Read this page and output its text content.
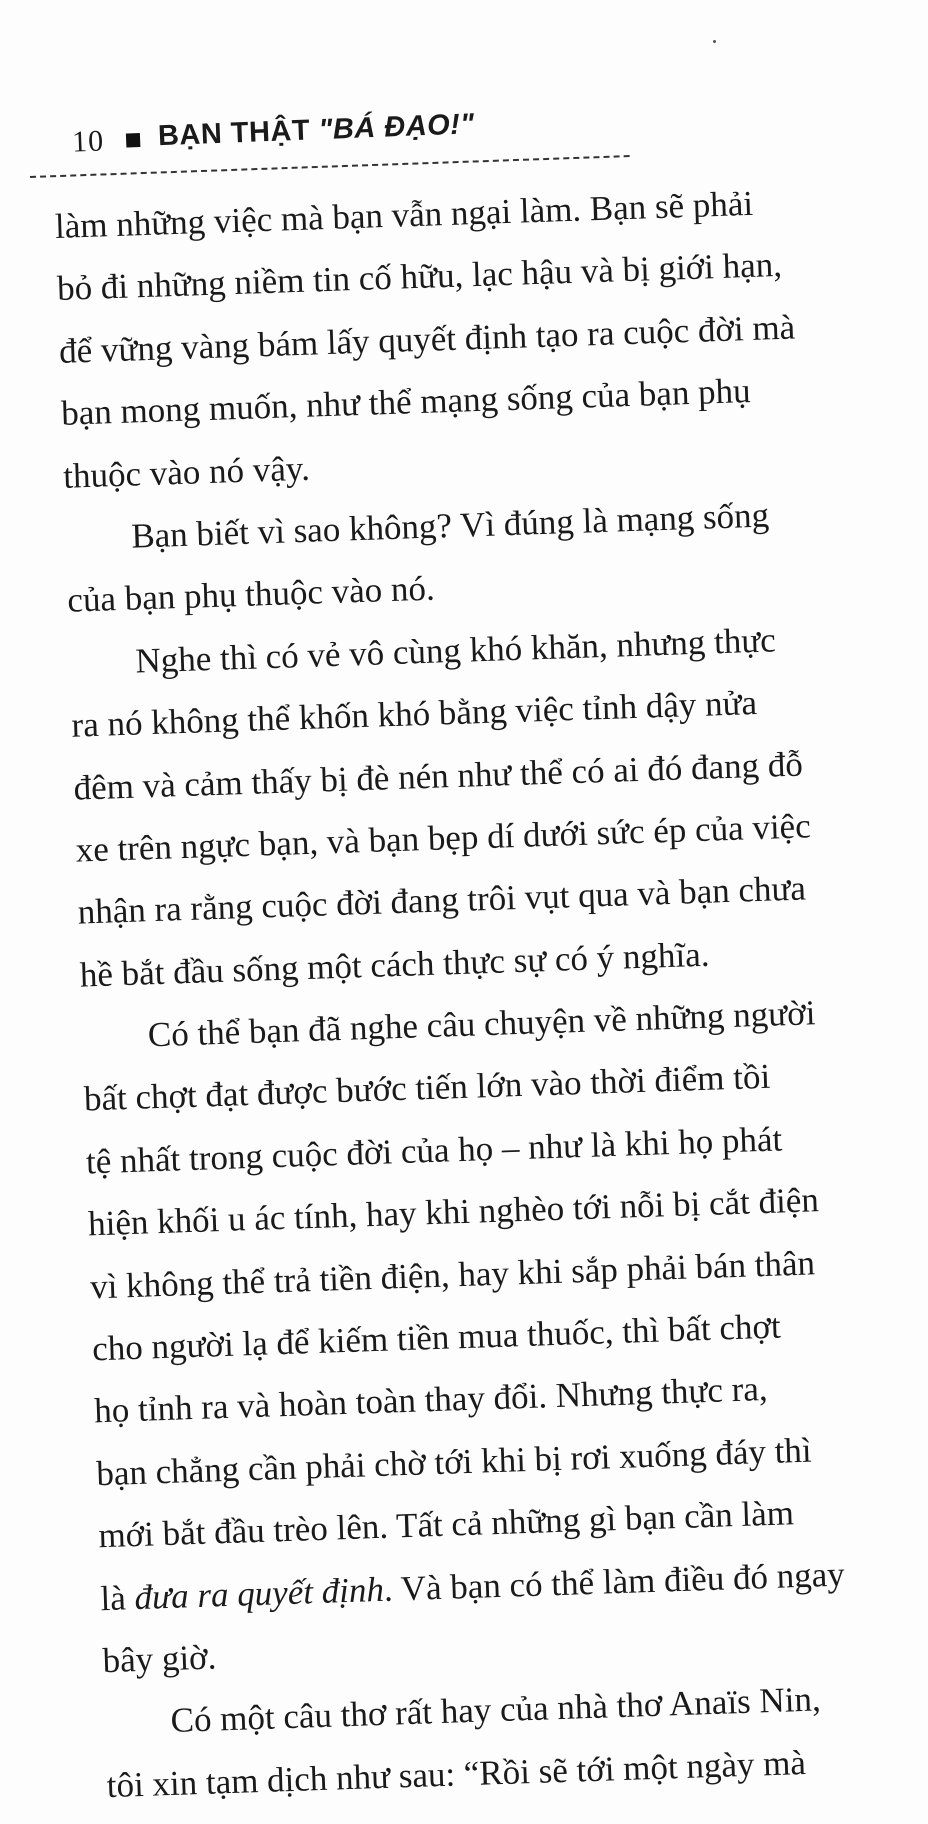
10 BẠN THẬT "BÁ ĐẠO!"
làm những việc mà bạn vẫn ngại làm. Bạn sẽ phải
bỏ đi những niềm tin cố hữu, lạc hậu và bị giới hạn,
để vững vàng bám lấy quyết định tạo ra cuộc đời mà
bạn mong muốn, như thể mạng sống của bạn phụ
thuộc vào nó vậy.
Bạn biết vì sao không? Vì đúng là mạng sống
của bạn phụ thuộc vào nó.
Nghe thì có vẻ vô cùng khó khăn, nhưng thực
ra nó không thể khốn khó bằng việc tỉnh dậy nửa
đêm và cảm thấy bị đè nén như thể có ai đó đang đỗ
xe trên ngực bạn, và bạn bẹp dí dưới sức ép của việc
nhận ra rằng cuộc đời đang trôi vụt qua và bạn chưa
hề bắt đầu sống một cách thực sự có ý nghĩa.
Có thể bạn đã nghe câu chuyện về những người
bất chợt đạt được bước tiến lớn vào thời điểm tồi
tệ nhất trong cuộc đời của họ – như là khi họ phát
hiện khối u ác tính, hay khi nghèo tới nỗi bị cắt điện
vì không thể trả tiền điện, hay khi sắp phải bán thân
cho người lạ để kiếm tiền mua thuốc, thì bất chợt
họ tỉnh ra và hoàn toàn thay đổi. Nhưng thực ra,
bạn chẳng cần phải chờ tới khi bị rơi xuống đáy thì
mới bắt đầu trèo lên. Tất cả những gì bạn cần làm
là đưa ra quyết định. Và bạn có thể làm điều đó ngay
bây giờ.
Có một câu thơ rất hay của nhà thơ Anaïs Nin,
tôi xin tạm dịch như sau: “Rồi sẽ tới một ngày mà
